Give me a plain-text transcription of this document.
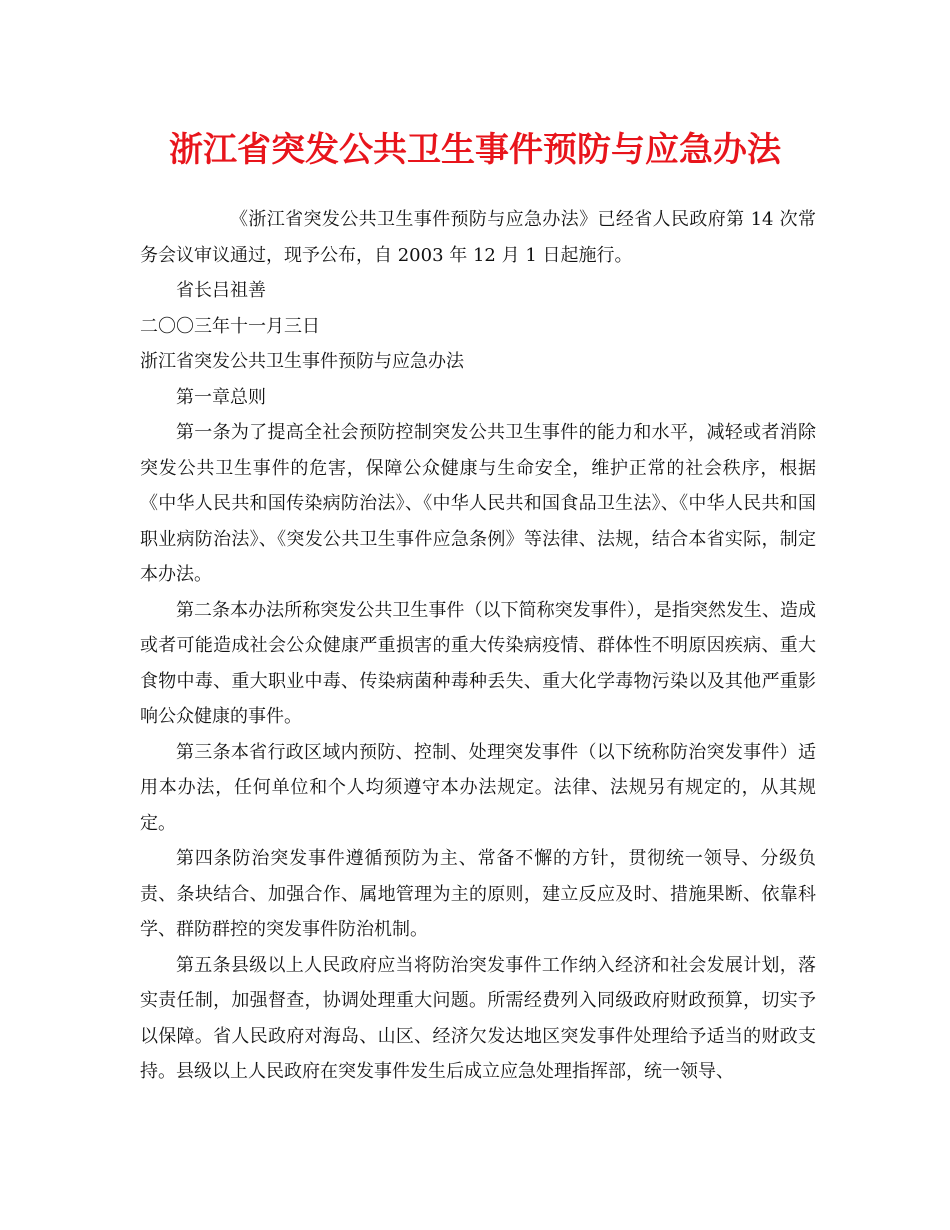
浙江省突发公共卫生事件预防与应急办法

《浙江省突发公共卫生事件预防与应急办法》已经省人民政府第 14 次常务会议审议通过，现予公布，自 2003 年 12 月 1 日起施行。

省长吕祖善

二〇〇三年十一月三日

浙江省突发公共卫生事件预防与应急办法

第一章总则

第一条为了提高全社会预防控制突发公共卫生事件的能力和水平，减轻或者消除突发公共卫生事件的危害，保障公众健康与生命安全，维护正常的社会秩序，根据《中华人民共和国传染病防治法》、《中华人民共和国食品卫生法》、《中华人民共和国职业病防治法》、《突发公共卫生事件应急条例》等法律、法规，结合本省实际，制定本办法。

第二条本办法所称突发公共卫生事件（以下简称突发事件），是指突然发生、造成或者可能造成社会公众健康严重损害的重大传染病疫情、群体性不明原因疾病、重大食物中毒、重大职业中毒、传染病菌种毒种丢失、重大化学毒物污染以及其他严重影响公众健康的事件。

第三条本省行政区域内预防、控制、处理突发事件（以下统称防治突发事件）适用本办法，任何单位和个人均须遵守本办法规定。法律、法规另有规定的，从其规定。

第四条防治突发事件遵循预防为主、常备不懈的方针，贯彻统一领导、分级负责、条块结合、加强合作、属地管理为主的原则，建立反应及时、措施果断、依靠科学、群防群控的突发事件防治机制。

第五条县级以上人民政府应当将防治突发事件工作纳入经济和社会发展计划，落实责任制，加强督查，协调处理重大问题。所需经费列入同级政府财政预算，切实予以保障。省人民政府对海岛、山区、经济欠发达地区突发事件处理给予适当的财政支持。县级以上人民政府在突发事件发生后成立应急处理指挥部，统一领导、
